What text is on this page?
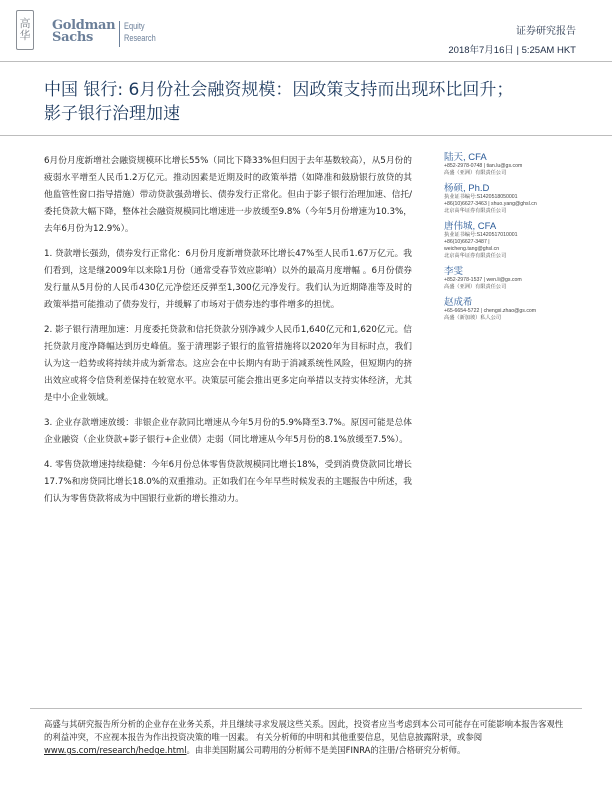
高
华
Goldman
Sachs
Equity
Research
证券研究报告
2018年7月16日 | 5:25AM HKT
中国 银行: 6月份社会融资规模：因政策支持而出现环比回升；影子银行治理加速

6月份月度新增社会融资规模环比增长55%（同比下降33%但归因于去年基数较高），从5月份的疲弱水平增至人民币1.2万亿元。推动因素是近期及时的政策举措（如降准和鼓励银行放贷的其他监管性窗口指导措施）带动贷款强劲增长、债券发行正常化。但由于影子银行治理加速、信托/委托贷款大幅下降，整体社会融资规模同比增速进一步放缓至9.8%（今年5月份增速为10.3%，去年6月份为12.9%）。

1. 贷款增长强劲，债券发行正常化：6月份月度新增贷款环比增长47%至人民币1.67万亿元。我们看到，这是继2009年以来除1月份（通常受春节效应影响）以外的最高月度增幅 。6月份债券发行量从5月份的人民币430亿元净偿还反弹至1,300亿元净发行。我们认为近期降准等及时的政策举措可能推动了债券发行，并缓解了市场对于债券违约事件增多的担忧。

2. 影子银行清理加速：月度委托贷款和信托贷款分别净减少人民币1,640亿元和1,620亿元。信托贷款月度净降幅达到历史峰值。鉴于清理影子银行的监管措施将以2020年为目标时点，我们认为这一趋势或将持续并成为新常态。这应会在中长期内有助于消减系统性风险，但短期内的挤出效应或将令信贷利差保持在较宽水平。决策层可能会推出更多定向举措以支持实体经济，尤其是中小企业领域。

3. 企业存款增速放缓：非银企业存款同比增速从今年5月份的5.9%降至3.7%。原因可能是总体企业融资（企业贷款+影子银行+企业债）走弱（同比增速从今年5月份的8.1%放缓至7.5%）。

4. 零售贷款增速持续稳健：今年6月份总体零售贷款规模同比增长18%，受到消费贷款同比增长17.7%和房贷同比增长18.0%的双重推动。正如我们在今年早些时候发表的主题报告中所述，我们认为零售贷款将成为中国银行业新的增长推动力。

陆天, CFA
+852-2978-0748 | tian.lu@gs.com
高盛（亚洲）有限责任公司
杨硕, Ph.D
执业证书编号:S1420518050001
+86(10)6627-3463 | shuo.yang@ghsl.cn
北京高华证券有限责任公司
唐伟城, CFA
执业证书编号:S1420517010001
+86(10)6627-3487 |
weicheng.tang@ghsl.cn
北京高华证券有限责任公司
李雯
+852-2978-1537 | wen.li@gs.com
高盛（亚洲）有限责任公司
赵成希
+65-6654-5722 | chengxi.zhao@gs.com
高盛（新加坡）私人公司
高盛与其研究报告所分析的企业存在业务关系，并且继续寻求发展这些关系。因此，投资者应当考虑到本公司可能存在可能影响本报告客观性的利益冲突，不应视本报告为作出投资决策的唯一因素。 有关分析师的申明和其他重要信息，见信息披露附录，或参阅www.gs.com/research/hedge.html。由非美国附属公司聘用的分析师不是美国FINRA的注册/合格研究分析师。
